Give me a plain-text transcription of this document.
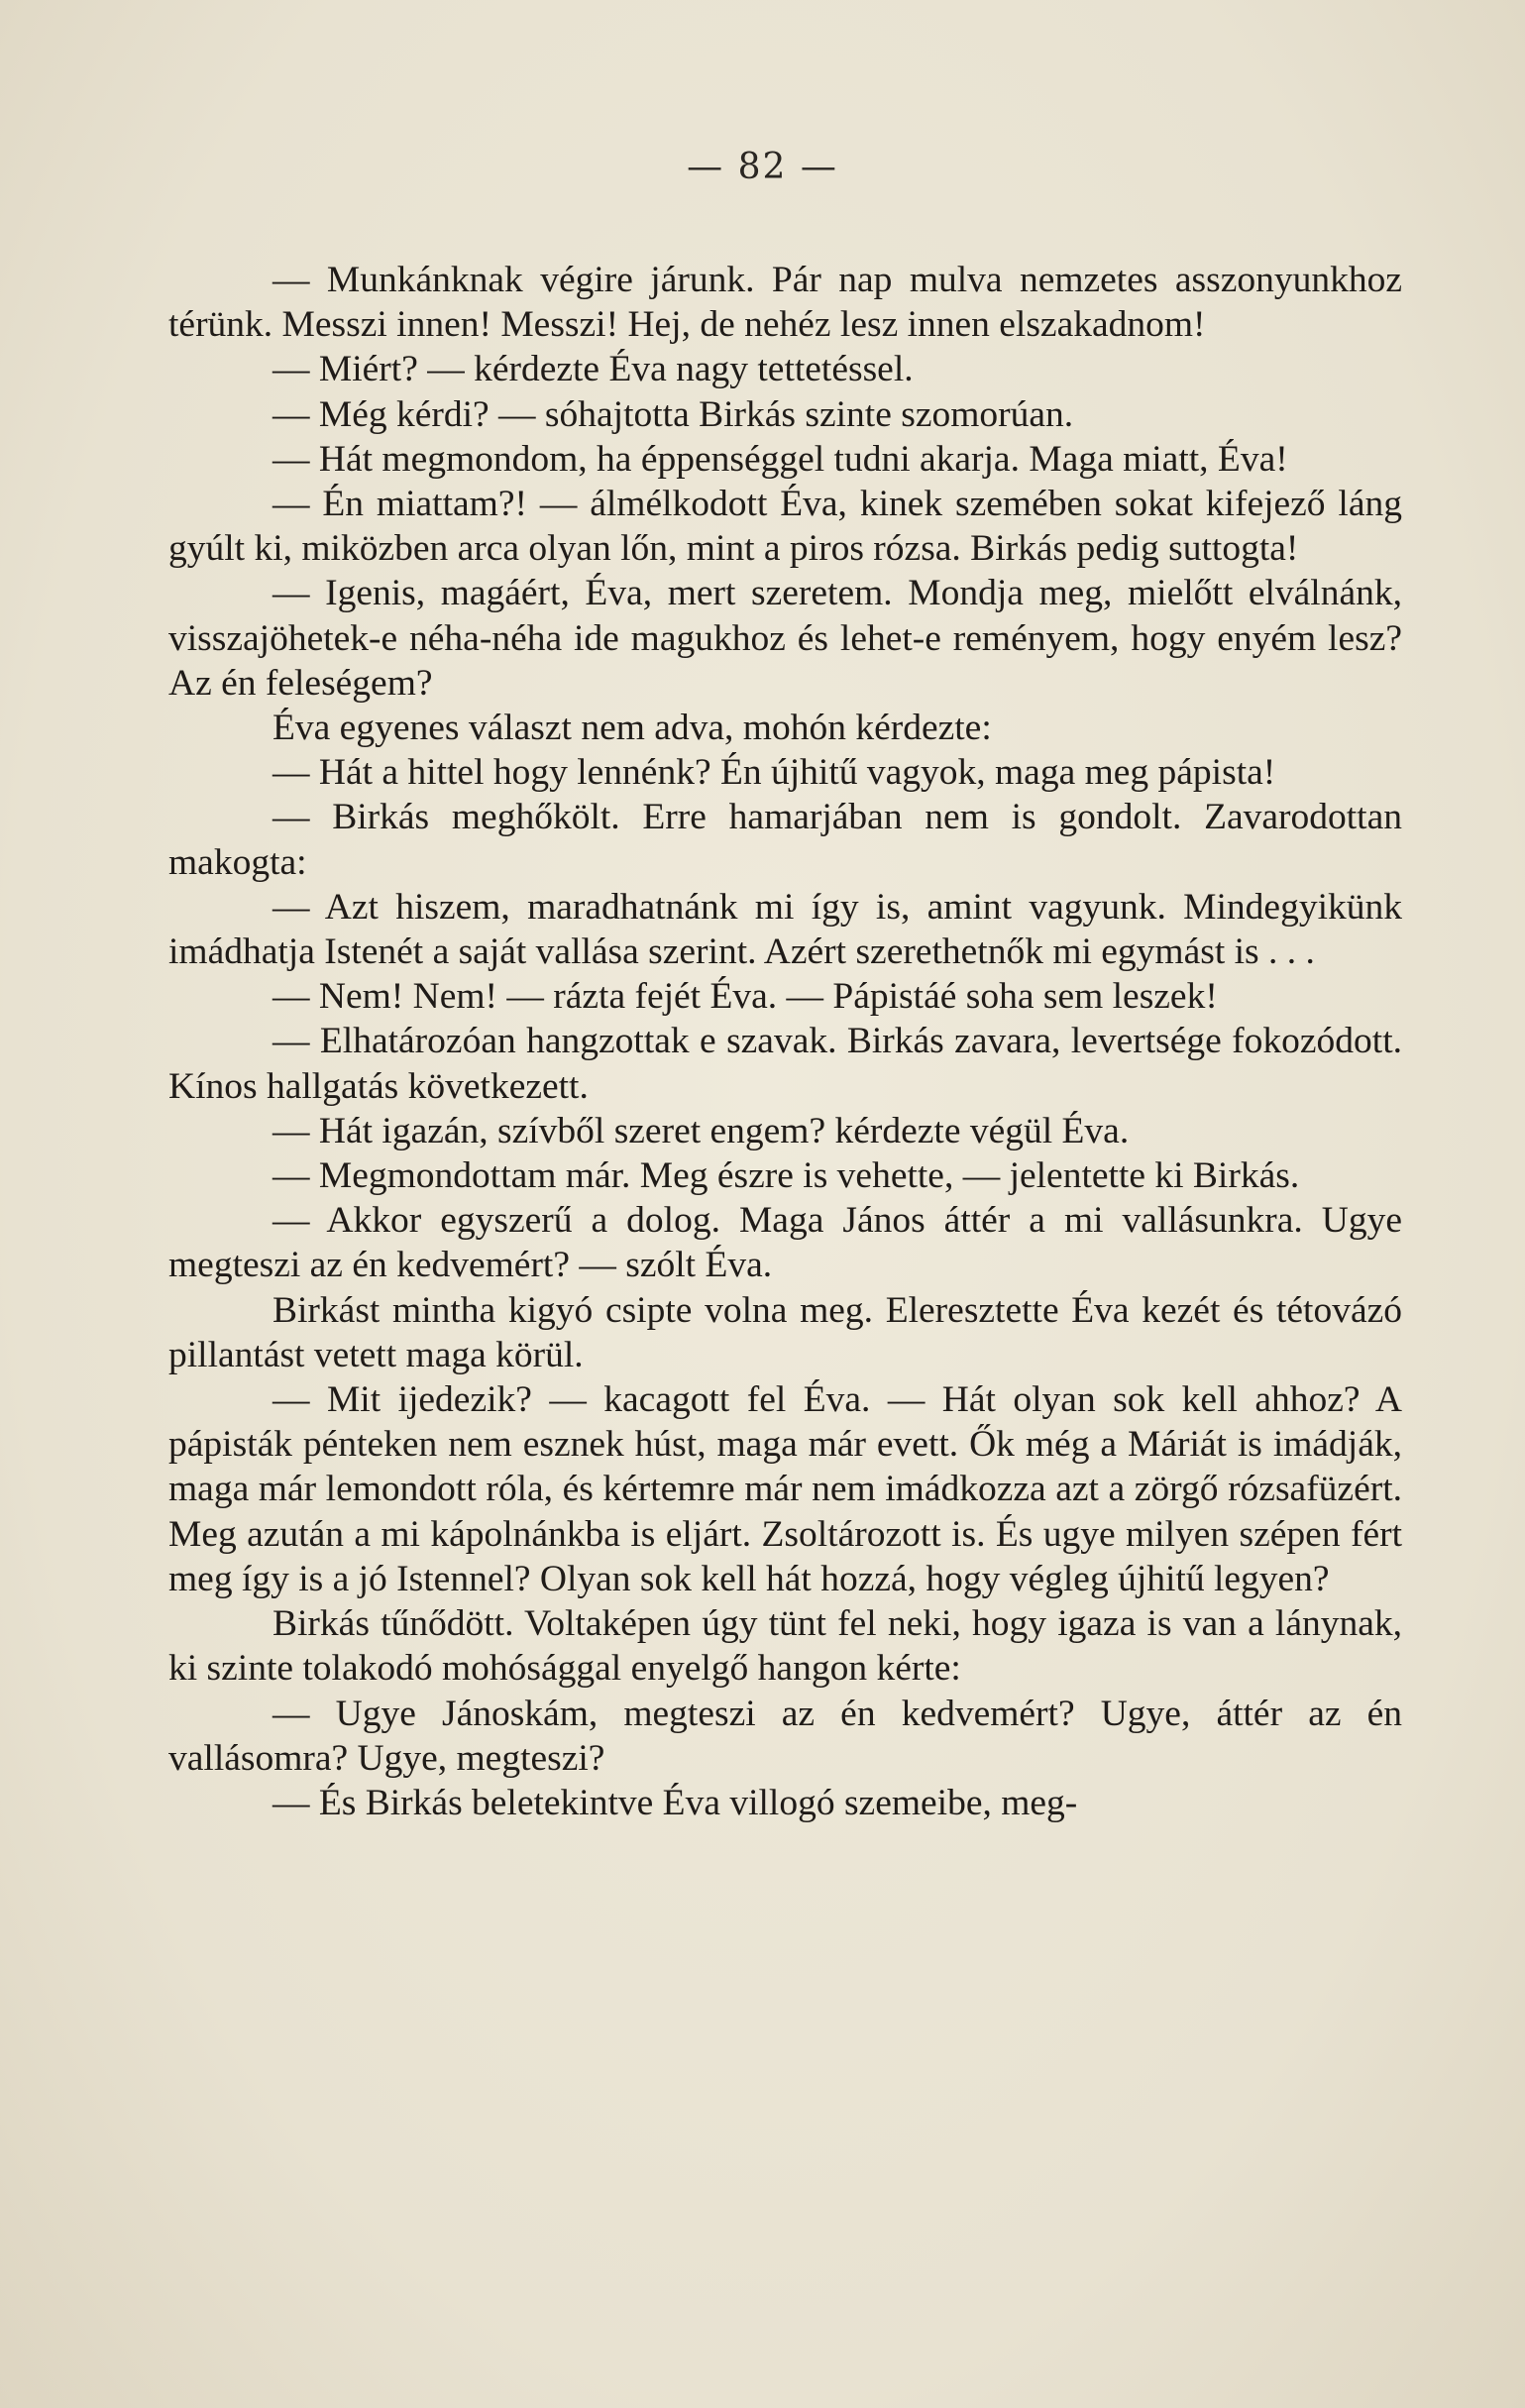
— 82 —

— Munkánknak végire járunk. Pár nap mulva nemzetes asszonyunkhoz térünk. Messzi innen! Messzi! Hej, de nehéz lesz innen elszakadnom!

— Miért? — kérdezte Éva nagy tettetéssel.

— Még kérdi? — sóhajtotta Birkás szinte szomorúan.

— Hát megmondom, ha éppenséggel tudni akarja. Maga miatt, Éva!

— Én miattam?! — álmélkodott Éva, kinek szemében sokat kifejező láng gyúlt ki, miközben arca olyan lőn, mint a piros rózsa. Birkás pedig suttogta!

— Igenis, magáért, Éva, mert szeretem. Mondja meg, mielőtt elválnánk, visszajöhetek-e néha-néha ide magukhoz és lehet-e reményem, hogy enyém lesz? Az én feleségem?

Éva egyenes választ nem adva, mohón kérdezte:

— Hát a hittel hogy lennénk? Én újhitű vagyok, maga meg pápista!

— Birkás meghőkölt. Erre hamarjában nem is gondolt. Zavarodottan makogta:

— Azt hiszem, maradhatnánk mi így is, amint vagyunk. Mindegyikünk imádhatja Istenét a saját vallása szerint. Azért szerethetnők mi egymást is . . .

— Nem! Nem! — rázta fejét Éva. — Pápistáé soha sem leszek!

— Elhatározóan hangzottak e szavak. Birkás zavara, levertsége fokozódott. Kínos hallgatás következett.

— Hát igazán, szívből szeret engem? kérdezte végül Éva.

— Megmondottam már. Meg észre is vehette, — jelentette ki Birkás.

— Akkor egyszerű a dolog. Maga János áttér a mi vallásunkra. Ugye megteszi az én kedvemért? — szólt Éva.

Birkást mintha kigyó csipte volna meg. Eleresztette Éva kezét és tétovázó pillantást vetett maga körül.

— Mit ijedezik? — kacagott fel Éva. — Hát olyan sok kell ahhoz? A pápisták pénteken nem esznek húst, maga már evett. Ők még a Máriát is imádják, maga már lemondott róla, és kértemre már nem imádkozza azt a zörgő rózsafüzért. Meg azután a mi kápolnánkba is eljárt. Zsoltározott is. És ugye milyen szépen fért meg így is a jó Istennel? Olyan sok kell hát hozzá, hogy végleg újhitű legyen?

Birkás tűnődött. Voltaképen úgy tünt fel neki, hogy igaza is van a lánynak, ki szinte tolakodó mohósággal enyelgő hangon kérte:

— Ugye Jánoskám, megteszi az én kedvemért? Ugye, áttér az én vallásomra? Ugye, megteszi?

— És Birkás beletekintve Éva villogó szemeibe, meg-
